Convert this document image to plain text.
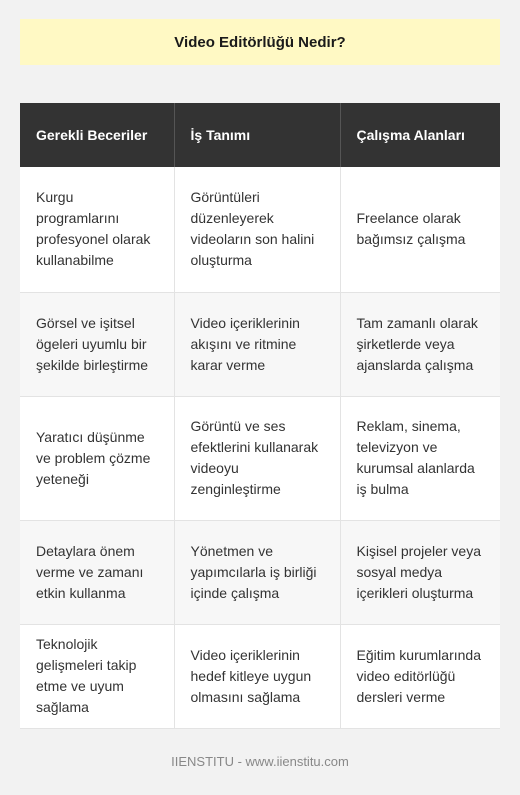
Video Editörlüğü Nedir?
Gerekli Beceriler	İş Tanımı	Çalışma Alanları
Kurgu programlarını profesyonel olarak kullanabilme	Görüntüleri düzenleyerek videoların son halini oluşturma	Freelance olarak bağımsız çalışma
Görsel ve işitsel ögeleri uyumlu bir şekilde birleştirme	Video içeriklerinin akışını ve ritmine karar verme	Tam zamanlı olarak şirketlerde veya ajanslarda çalışma
Yaratıcı düşünme ve problem çözme yeteneği	Görüntü ve ses efektlerini kullanarak videoyu zenginleştirme	Reklam, sinema, televizyon ve kurumsal alanlarda iş bulma
Detaylara önem verme ve zamanı etkin kullanma	Yönetmen ve yapımcılarla iş birliği içinde çalışma	Kişisel projeler veya sosyal medya içerikleri oluşturma
Teknolojik gelişmeleri takip etme ve uyum sağlama	Video içeriklerinin hedef kitleye uygun olmasını sağlama	Eğitim kurumlarında video editörlüğü dersleri verme
IIENSTITU - www.iienstitu.com
